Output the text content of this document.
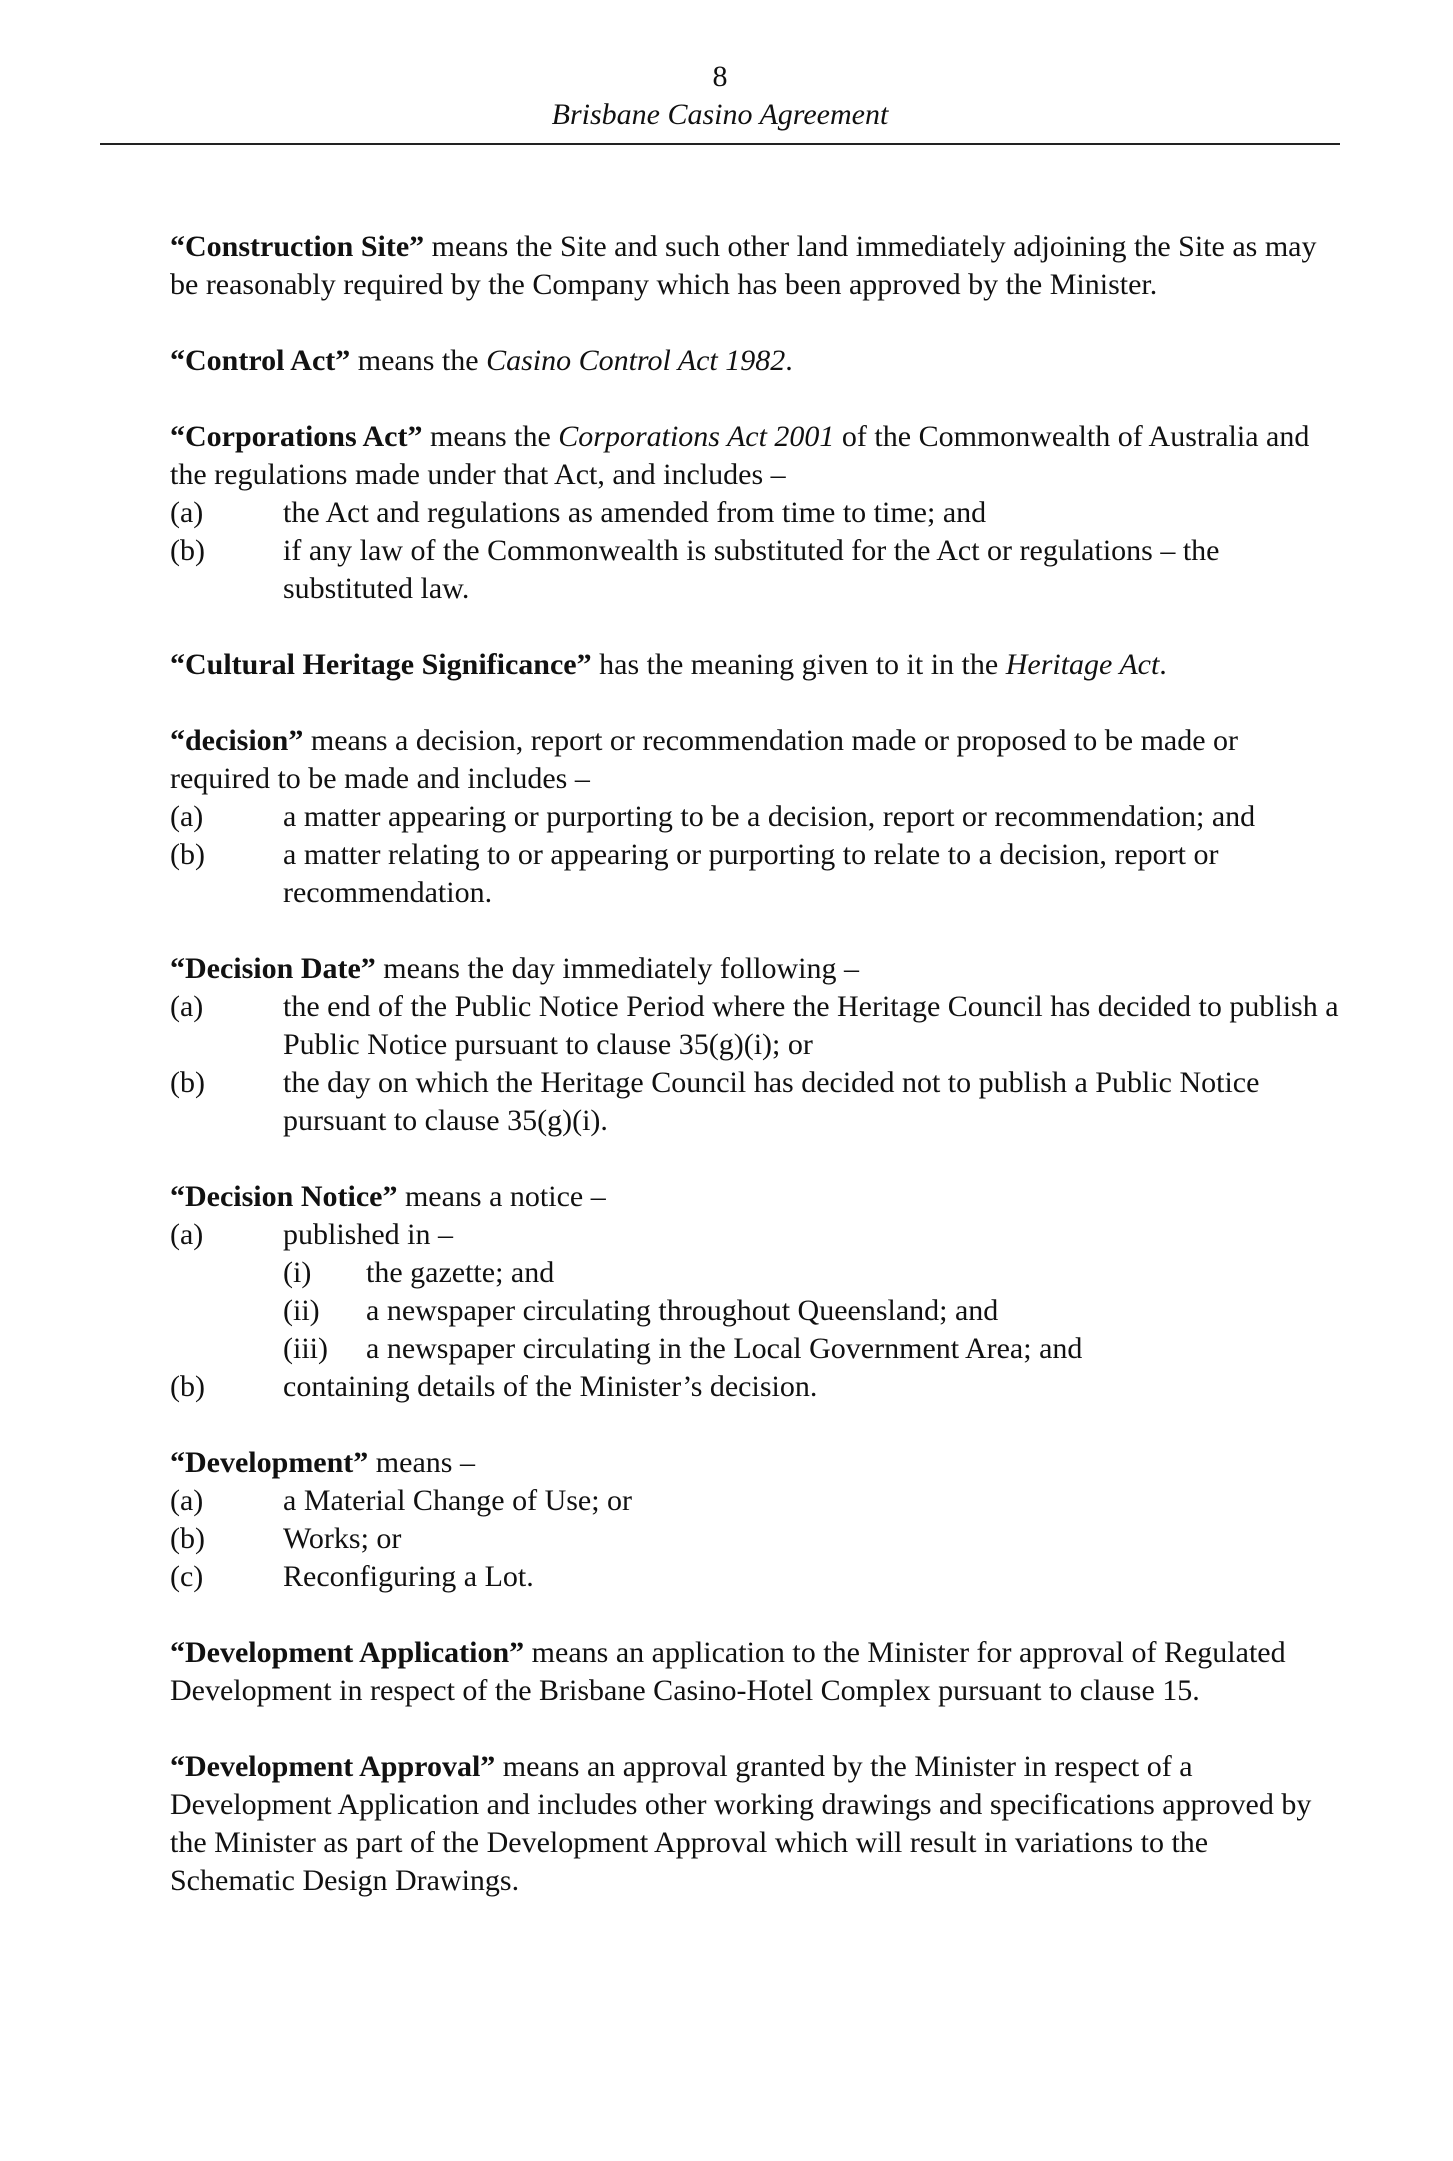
8
Brisbane Casino Agreement

“Construction Site” means the Site and such other land immediately adjoining the Site as may be reasonably required by the Company which has been approved by the Minister.

“Control Act” means the Casino Control Act 1982.

“Corporations Act” means the Corporations Act 2001 of the Commonwealth of Australia and the regulations made under that Act, and includes –

(a)	the Act and regulations as amended from time to time; and
(b)	if any law of the Commonwealth is substituted for the Act or regulations – the substituted law.

“Cultural Heritage Significance” has the meaning given to it in the Heritage Act.

“decision” means a decision, report or recommendation made or proposed to be made or required to be made and includes –

(a)	a matter appearing or purporting to be a decision, report or recommendation; and
(b)	a matter relating to or appearing or purporting to relate to a decision, report or recommendation.

“Decision Date” means the day immediately following –

(a)	the end of the Public Notice Period where the Heritage Council has decided to publish a Public Notice pursuant to clause 35(g)(i); or
(b)	the day on which the Heritage Council has decided not to publish a Public Notice pursuant to clause 35(g)(i).

“Decision Notice” means a notice –

(a)	published in –
(i)	the gazette; and
(ii)	a newspaper circulating throughout Queensland; and
(iii)	a newspaper circulating in the Local Government Area; and
(b)	containing details of the Minister’s decision.

“Development” means –

(a)	a Material Change of Use; or
(b)	Works; or
(c)	Reconfiguring a Lot.

“Development Application” means an application to the Minister for approval of Regulated Development in respect of the Brisbane Casino-Hotel Complex pursuant to clause 15.

“Development Approval” means an approval granted by the Minister in respect of a Development Application and includes other working drawings and specifications approved by the Minister as part of the Development Approval which will result in variations to the Schematic Design Drawings.
